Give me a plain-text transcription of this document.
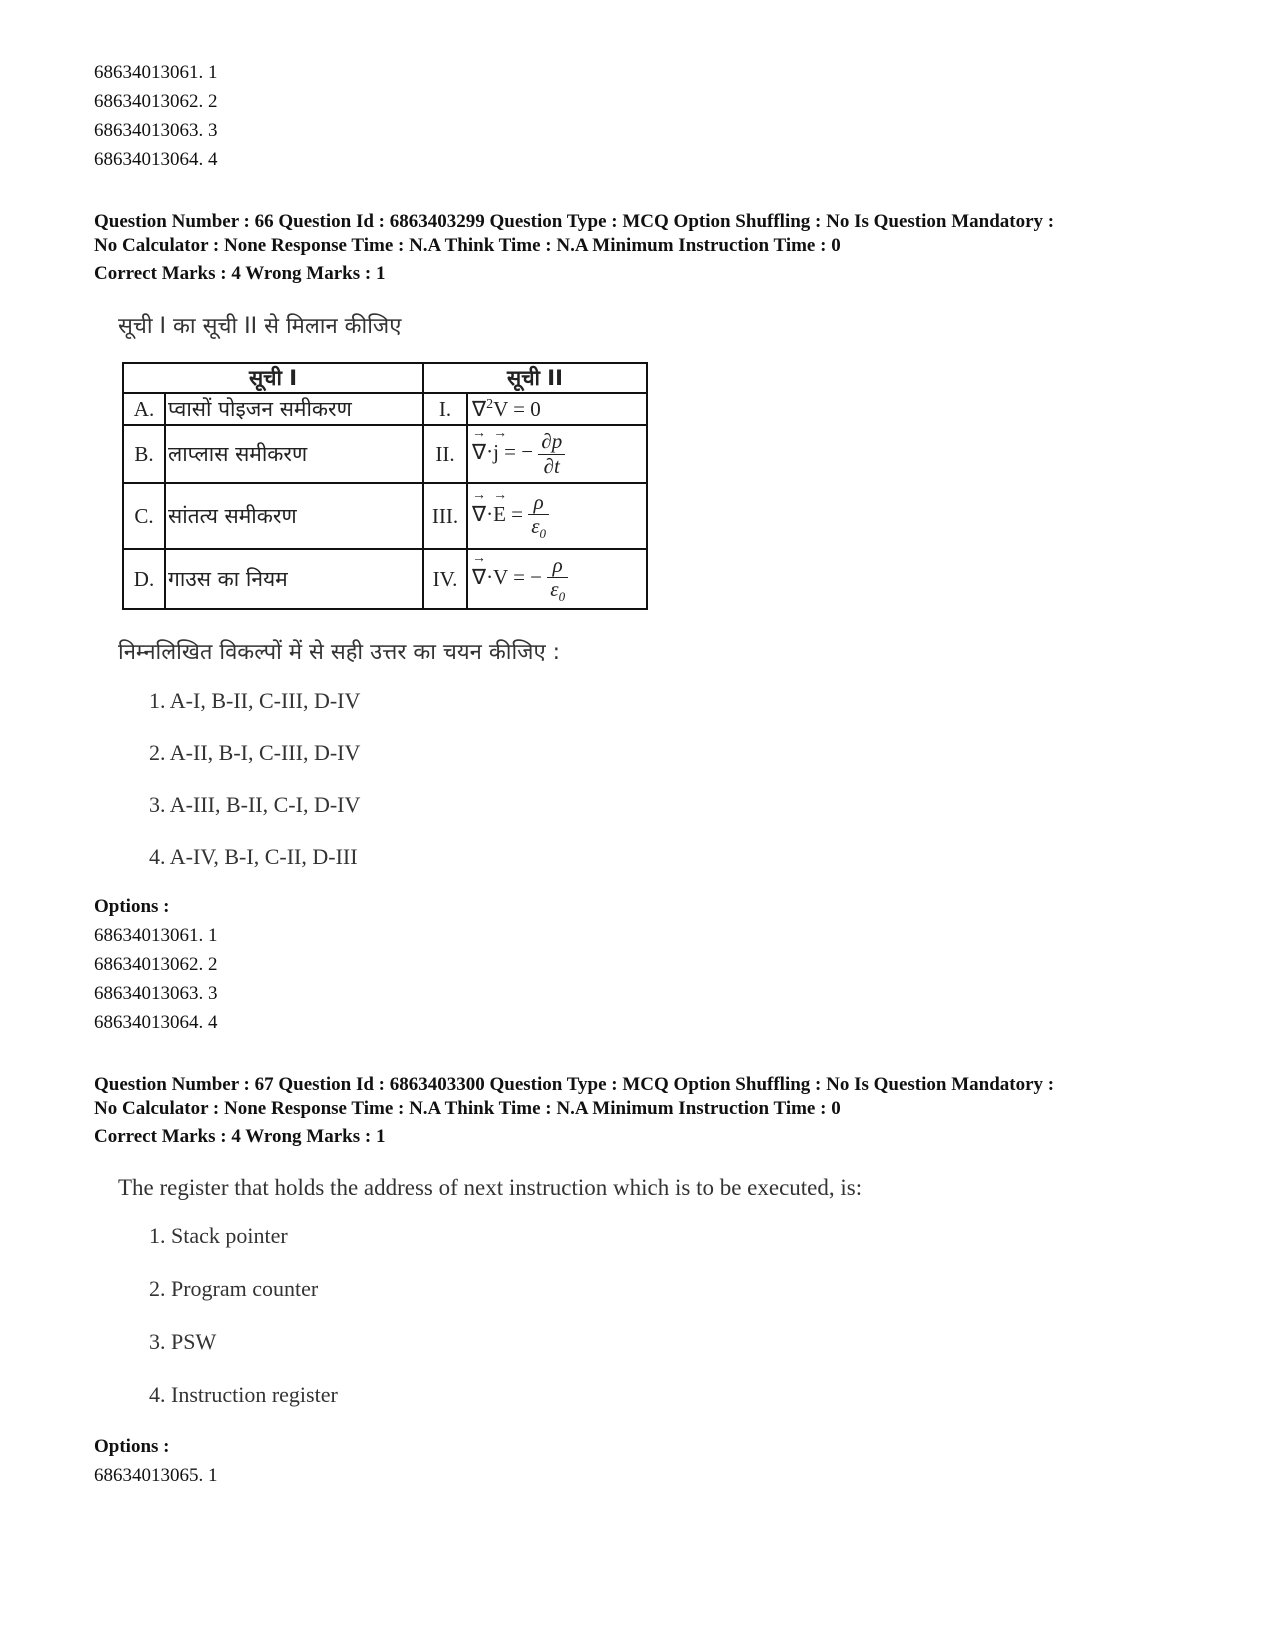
68634013061. 1
68634013062. 2
68634013063. 3
68634013064. 4
Question Number : 66 Question Id : 6863403299 Question Type : MCQ Option Shuffling : No Is Question Mandatory :
No Calculator : None Response Time : N.A Think Time : N.A Minimum Instruction Time : 0
Correct Marks : 4 Wrong Marks : 1
सूची I का सूची II से मिलान कीजिए
सूची I		सूची II	
A.	प्वासों पोइजन समीकरण	I.	∇$^2$V = 0
B.	लाप्लास समीकरण	II.	→ ∇·→ j = − $\frac{\partial p}{\partial t}$

C.	सांतत्य समीकरण	III.	→ ∇·→ $E = \frac{\rho}{\varepsilon_0}$

D.	गाउस का नियम	IV.	→ ∇·V = − $\frac{\rho}{\varepsilon_0}$
निम्नलिखित विकल्पों में से सही उत्तर का चयन कीजिए :
1. A-I, B-II, C-III, D-IV
2. A-II, B-I, C-III, D-IV
3. A-III, B-II, C-I, D-IV
4. A-IV, B-I, C-II, D-III
Options :
68634013061. 1
68634013062. 2
68634013063. 3
68634013064. 4
Question Number : 67 Question Id : 6863403300 Question Type : MCQ Option Shuffling : No Is Question Mandatory :
No Calculator : None Response Time : N.A Think Time : N.A Minimum Instruction Time : 0
Correct Marks : 4 Wrong Marks : 1
The register that holds the address of next instruction which is to be executed, is:
1. Stack pointer
2. Program counter
3. PSW
4. Instruction register
Options :
68634013065. 1
